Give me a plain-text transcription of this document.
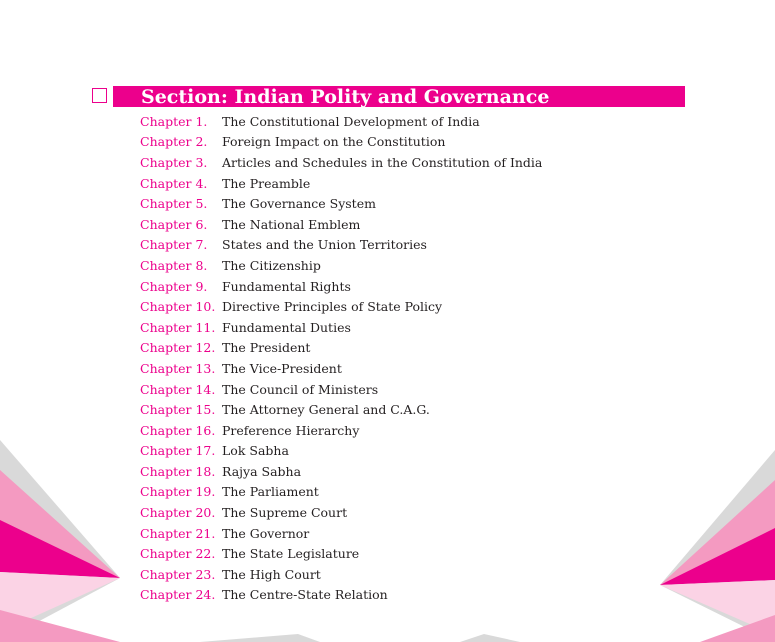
Section: Indian Polity and Governance
Chapter 1.	The Constitutional Development of India
Chapter 2.	Foreign Impact on the Constitution
Chapter 3.	Articles and Schedules in the Constitution of India
Chapter 4.	The Preamble
Chapter 5.	The Governance System
Chapter 6.	The National Emblem
Chapter 7.	States and the Union Territories
Chapter 8.	The Citizenship
Chapter 9.	Fundamental Rights
Chapter 10. Directive Principles of State Policy
Chapter 11. Fundamental Duties
Chapter 12. The President
Chapter 13. The Vice-President
Chapter 14. The Council of Ministers
Chapter 15. The Attorney General and C.A.G.
Chapter 16. Preference Hierarchy
Chapter 17. Lok Sabha
Chapter 18. Rajya Sabha
Chapter 19. The Parliament
Chapter 20. The Supreme Court
Chapter 21. The Governor
Chapter 22. The State Legislature
Chapter 23. The High Court
Chapter 24. The Centre-State Relation
